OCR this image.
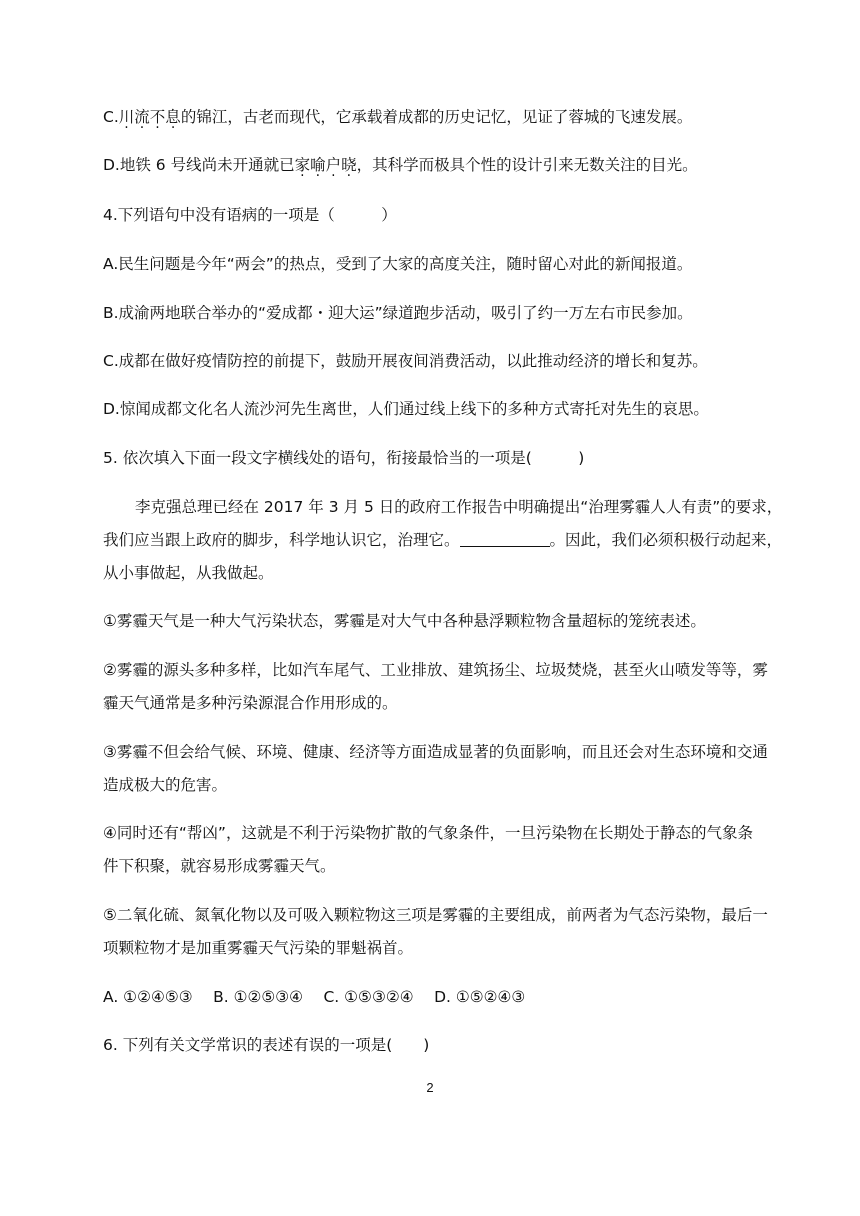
C.川流不息的锦江，古老而现代，它承载着成都的历史记忆，见证了蓉城的飞速发展。
D.地铁 6 号线尚未开通就已家喻户晓，其科学而极具个性的设计引来无数关注的目光。
4.下列语句中没有语病的一项是（　　　）
A.民生问题是今年“两会”的热点，受到了大家的高度关注，随时留心对此的新闻报道。
B.成渝两地联合举办的“爱成都・迎大运”绿道跑步活动，吸引了约一万左右市民参加。
C.成都在做好疫情防控的前提下，鼓励开展夜间消费活动，以此推动经济的增长和复苏。
D.惊闻成都文化名人流沙河先生离世，人们通过线上线下的多种方式寄托对先生的哀思。
5. 依次填入下面一段文字横线处的语句，衔接最恰当的一项是(　　　)
李克强总理已经在 2017 年 3 月 5 日的政府工作报告中明确提出“治理雾霾人人有责”的要求，
我们应当跟上政府的脚步，科学地认识它，治理它。	。因此，我们必须积极行动起来，
从小事做起，从我做起。
①雾霾天气是一种大气污染状态，雾霾是对大气中各种悬浮颗粒物含量超标的笼统表述。
②雾霾的源头多种多样，比如汽车尾气、工业排放、建筑扬尘、垃圾焚烧，甚至火山喷发等等，雾
霾天气通常是多种污染源混合作用形成的。
③雾霾不但会给气候、环境、健康、经济等方面造成显著的负面影响，而且还会对生态环境和交通
造成极大的危害。
④同时还有“帮凶”，这就是不利于污染物扩散的气象条件，一旦污染物在长期处于静态的气象条
件下积聚，就容易形成雾霾天气。
⑤二氧化硫、氮氧化物以及可吸入颗粒物这三项是雾霾的主要组成，前两者为气态污染物，最后一
项颗粒物才是加重雾霾天气污染的罪魁祸首。
A. ①②④⑤③　 B. ①②⑤③④　 C. ①⑤③②④　 D. ①⑤②④③
6. 下列有关文学常识的表述有误的一项是(　　)
2
